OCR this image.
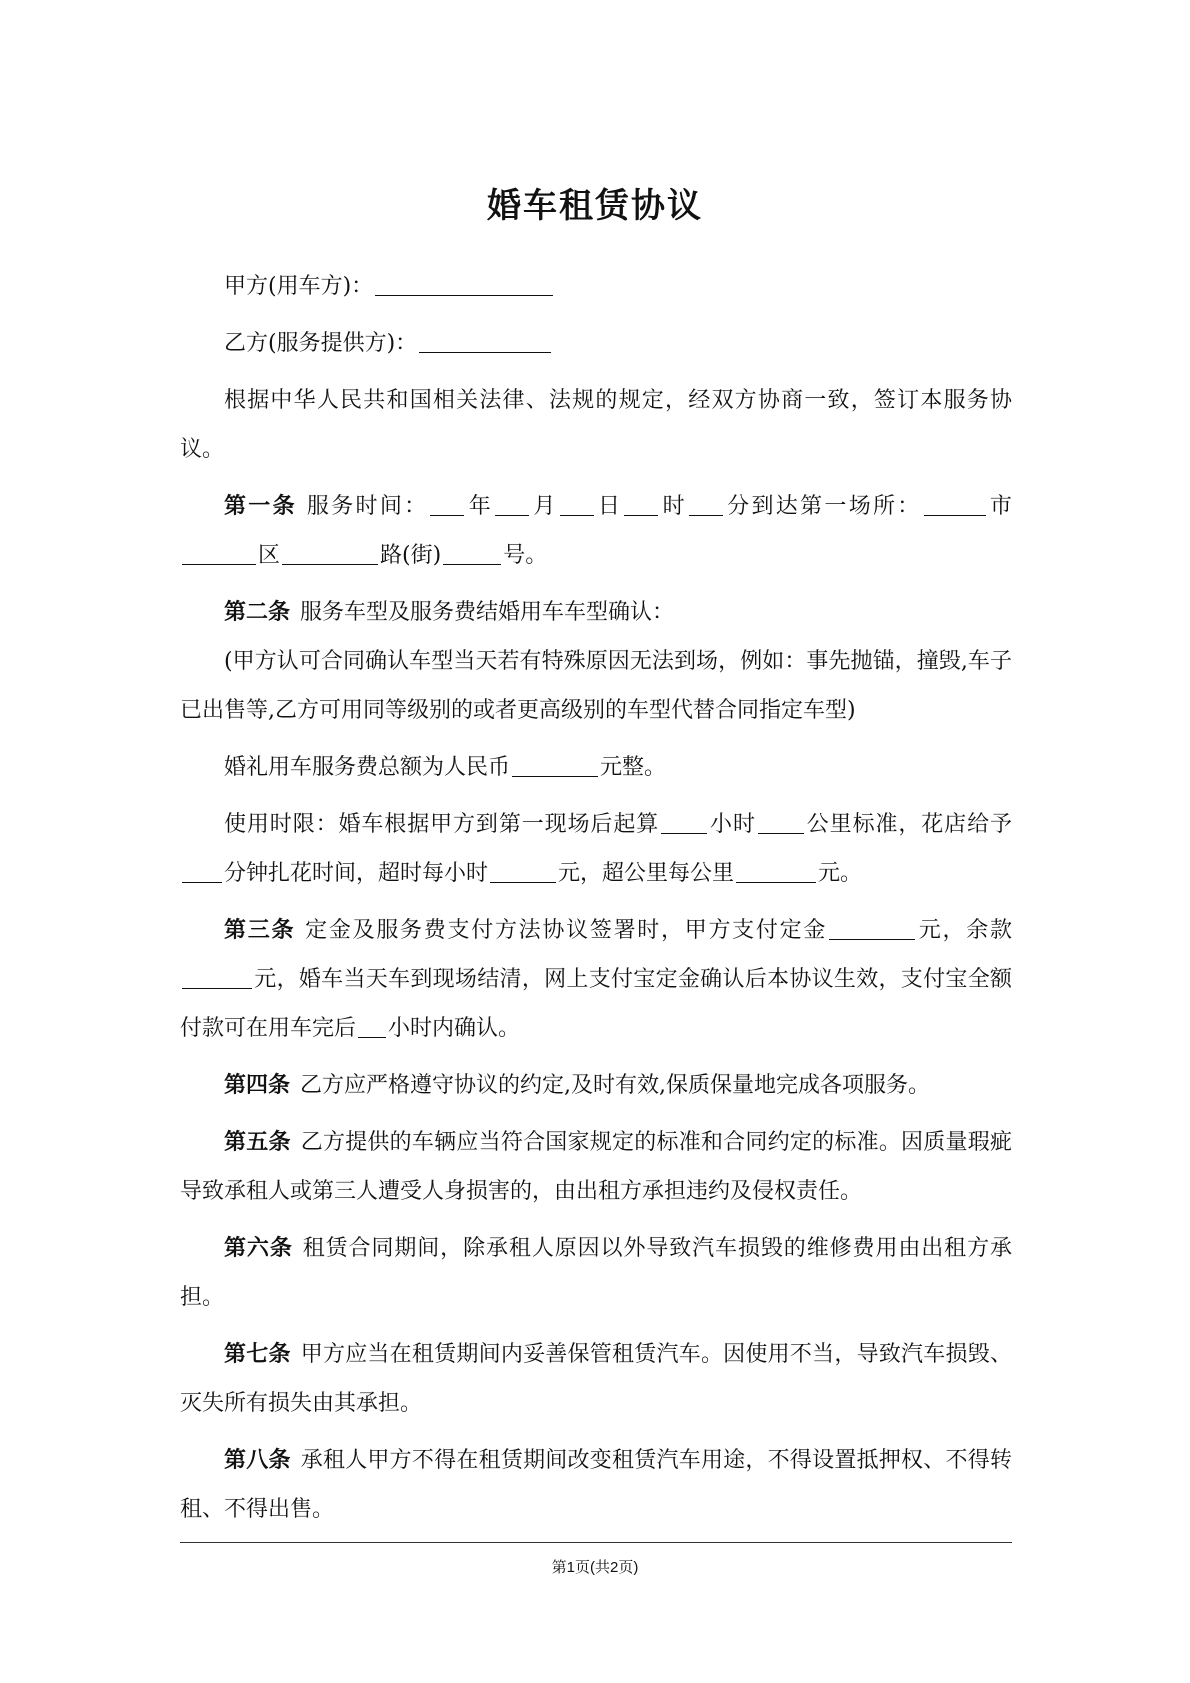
婚车租赁协议

甲方(用车方)：

乙方(服务提供方)：

根据中华人民共和国相关法律、法规的规定，经双方协商一致，签订本服务协议。

第一条 服务时间： 年 月 日 时 分到达第一场所：	市区	路(街)	号。

第二条 服务车型及服务费结婚用车车型确认：

(甲方认可合同确认车型当天若有特殊原因无法到场，例如：事先抛锚，撞毁,车子已出售等,乙方可用同等级别的或者更高级别的车型代替合同指定车型)

婚礼用车服务费总额为人民币	元整。

使用时限：婚车根据甲方到第一现场后起算 小时 公里标准，花店给予分钟扎花时间，超时每小时	元，超公里每公里	元。

第三条 定金及服务费支付方法协议签署时，甲方支付定金	元，余款元，婚车当天车到现场结清，网上支付宝定金确认后本协议生效，支付宝全额付款可在用车完后 小时内确认。

第四条 乙方应严格遵守协议的约定,及时有效,保质保量地完成各项服务。

第五条 乙方提供的车辆应当符合国家规定的标准和合同约定的标准。因质量瑕疵导致承租人或第三人遭受人身损害的，由出租方承担违约及侵权责任。

第六条 租赁合同期间，除承租人原因以外导致汽车损毁的维修费用由出租方承担。

第七条 甲方应当在租赁期间内妥善保管租赁汽车。因使用不当，导致汽车损毁、灭失所有损失由其承担。

第八条 承租人甲方不得在租赁期间改变租赁汽车用途，不得设置抵押权、不得转租、不得出售。

第1页(共2页)
